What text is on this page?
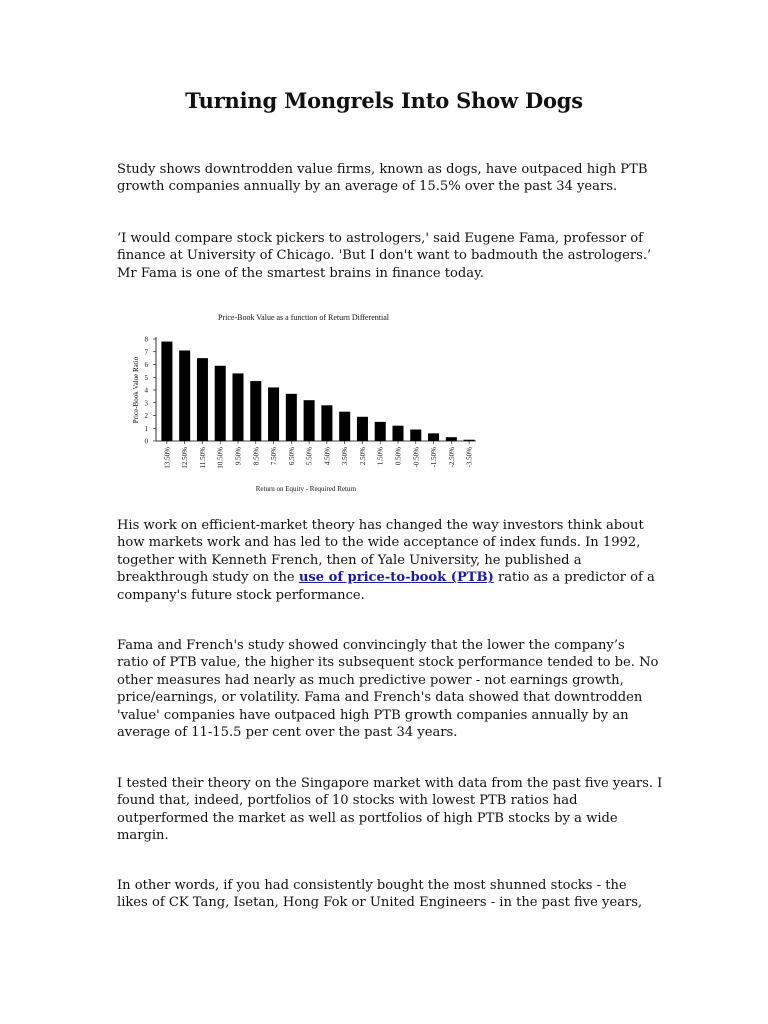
Turning Mongrels Into Show Dogs
Study shows downtrodden value firms, known as dogs, have outpaced high PTB
growth companies annually by an average of 15.5% over the past 34 years.
‘I would compare stock pickers to astrologers,' said Eugene Fama, professor of
finance at University of Chicago. 'But I don't want to badmouth the astrologers.’
Mr Fama is one of the smartest brains in finance today.
Price-Book Value as a function of Return Differential
0
1
2
3
4
5
6
7
8
Price-Book Value Ratio
13.50% 12.50% 11.50% 10.50% 9.50% 8.50% 7.50% 6.50% 5.50% 4.50% 3.50% 2.50% 1.50% 0.50% -0.50% -1.50% -2.50% -3.50%
Return on Equity - Required Return
His work on efficient-market theory has changed the way investors think about
how markets work and has led to the wide acceptance of index funds. In 1992,
together with Kenneth French, then of Yale University, he published a
breakthrough study on the use of price-to-book (PTB) ratio as a predictor of a
company's future stock performance.
Fama and French's study showed convincingly that the lower the company’s
ratio of PTB value, the higher its subsequent stock performance tended to be. No
other measures had nearly as much predictive power - not earnings growth,
price/earnings, or volatility. Fama and French's data showed that downtrodden
'value' companies have outpaced high PTB growth companies annually by an
average of 11-15.5 per cent over the past 34 years.
I tested their theory on the Singapore market with data from the past five years. I
found that, indeed, portfolios of 10 stocks with lowest PTB ratios had
outperformed the market as well as portfolios of high PTB stocks by a wide
margin.
In other words, if you had consistently bought the most shunned stocks - the
likes of CK Tang, Isetan, Hong Fok or United Engineers - in the past five years,
